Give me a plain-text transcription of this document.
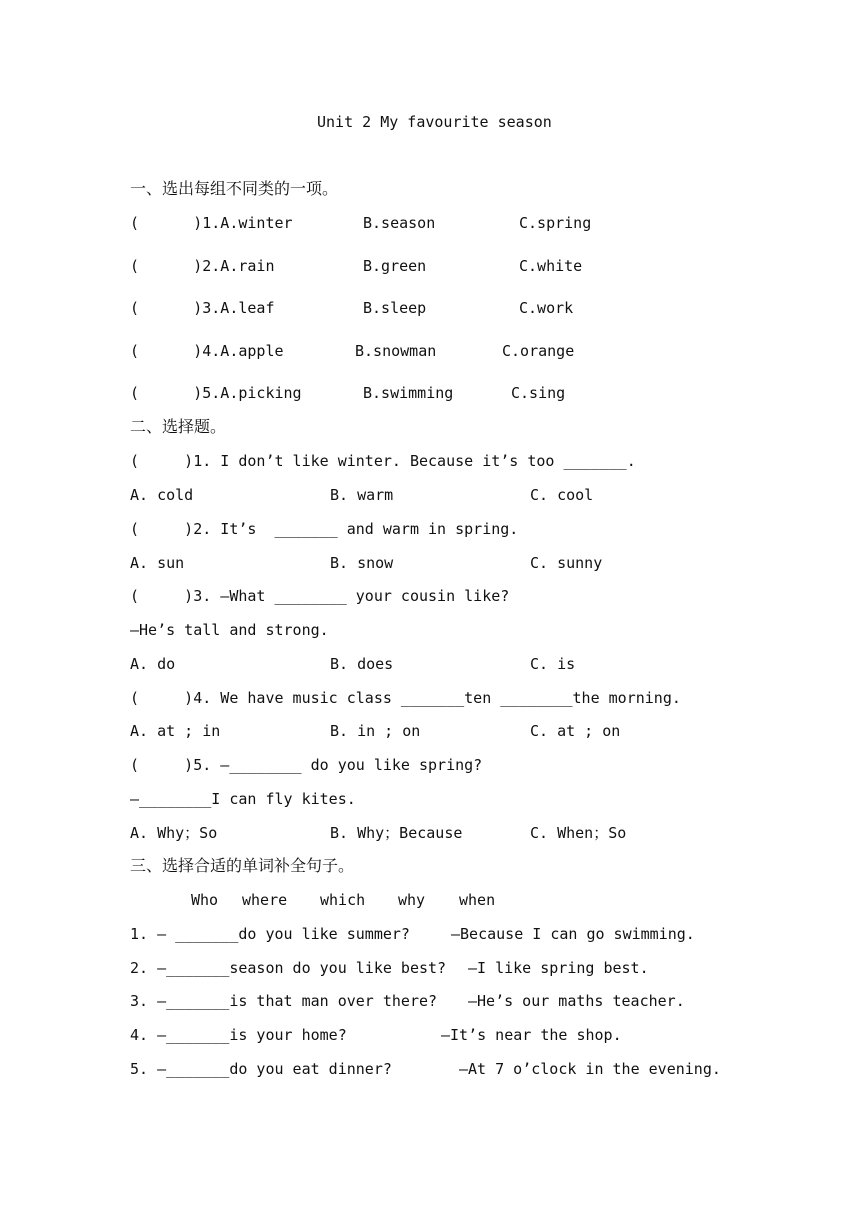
Unit 2 My favourite season
一、选出每组不同类的一项。
(      )1.A.winter	B.season	C.spring
(      )2.A.rain	B.green	C.white
(      )3.A.leaf	B.sleep	C.work
(      )4.A.apple	B.snowman	C.orange
(      )5.A.picking	B.swimming	C.sing
二、选择题。
(     )1. I don’t like winter. Because it’s too _______.
A. cold	B. warm	C. cool
(     )2. It’s  _______ and warm in spring.
A. sun	B. snow	C. sunny
(     )3. —What ________ your cousin like?
—He’s tall and strong.
A. do	B. does	C. is
(     )4. We have music class _______ten ________the morning.
A. at ; in	B. in ; on	C. at ; on
(     )5. —________ do you like spring?
—________I can fly kites.
A. Why；So	B. Why；Because	C. When；So
三、选择合适的单词补全句子。
Who where which why when
1. — _______do you like summer?	—Because I can go swimming.
2. —_______season do you like best? —I like spring best.
3. —_______is that man over there? —He’s our maths teacher.
4. —_______is your home?	—It’s near the shop.
5. —_______do you eat dinner?	—At 7 o’clock in the evening.
